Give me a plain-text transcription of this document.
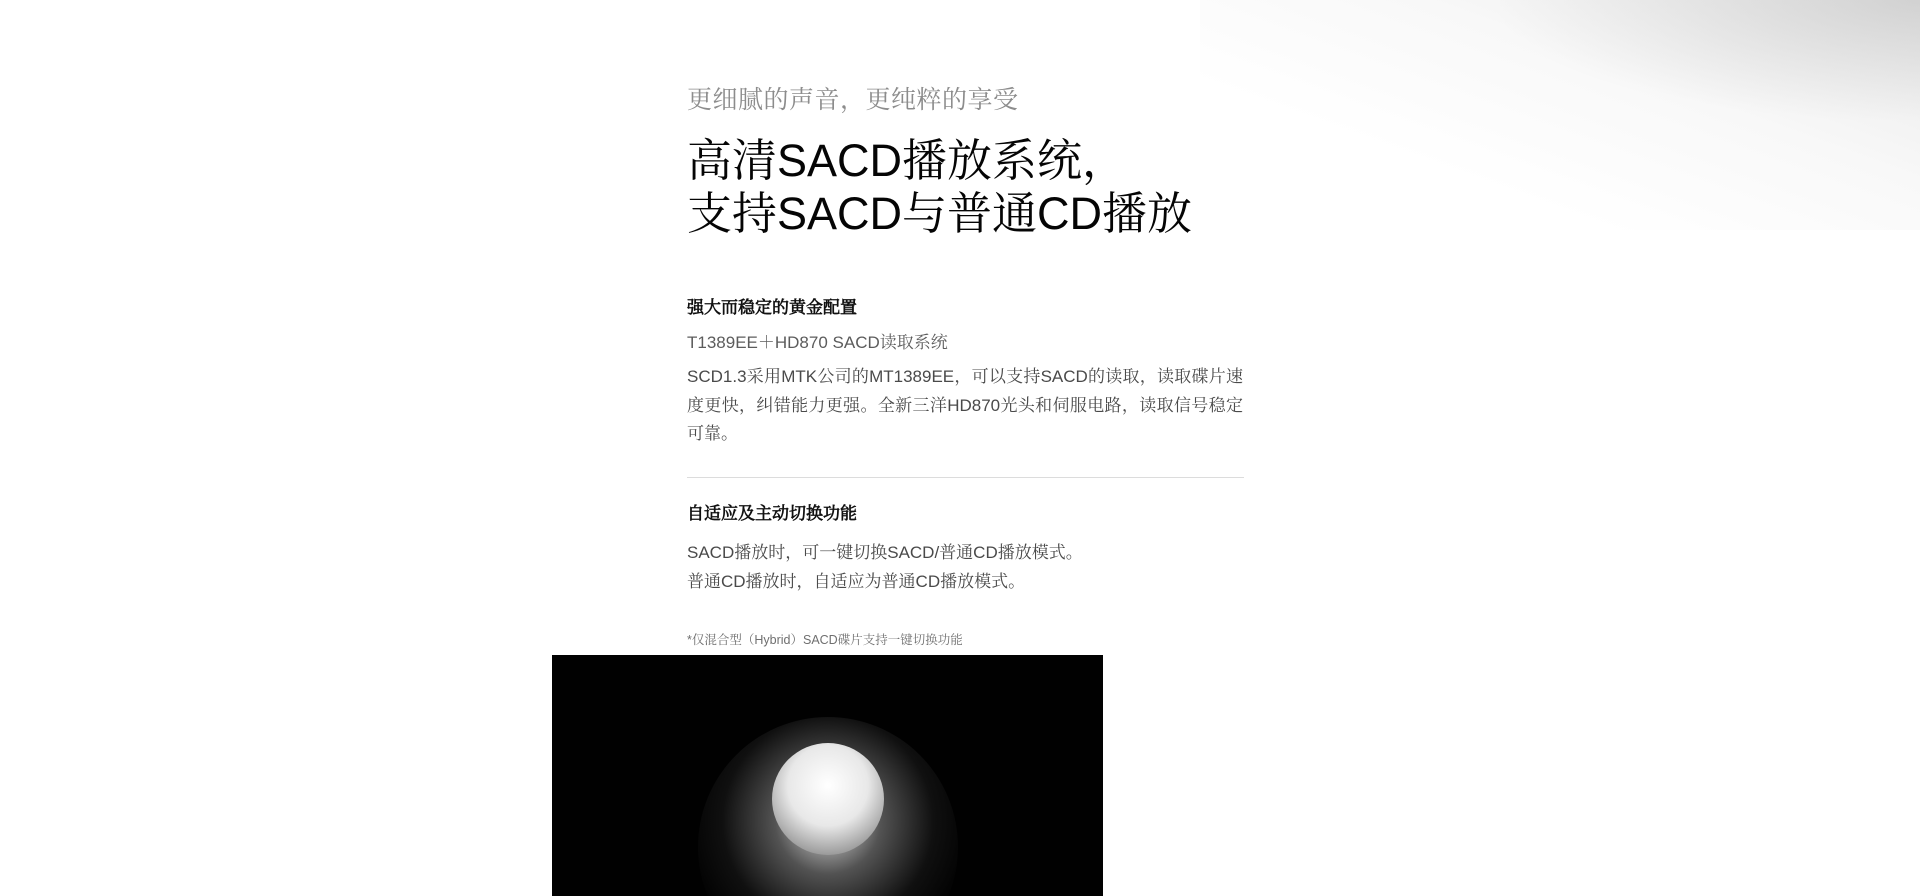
更细腻的声音，更纯粹的享受

高清SACD播放系统，
支持SACD与普通CD播放

强大而稳定的黄金配置

T1389EE＋HD870 SACD读取系统

SCD1.3采用MTK公司的MT1389EE，可以支持SACD的读取，读取碟片速度更快，纠错能力更强。全新三洋HD870光头和伺服电路，读取信号稳定可靠。

自适应及主动切换功能

SACD播放时，可一键切换SACD/普通CD播放模式。

普通CD播放时，自适应为普通CD播放模式。

*仅混合型（Hybrid）SACD碟片支持一键切换功能
